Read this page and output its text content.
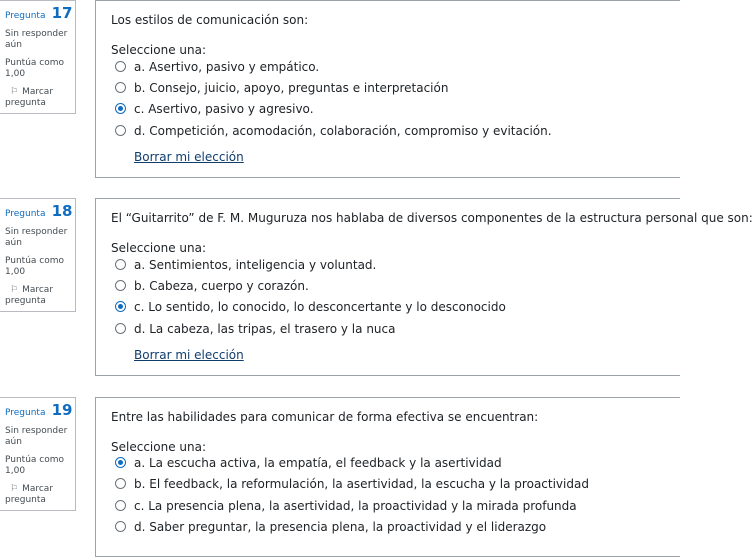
Pregunta 17
Sin responder aún
Puntúa como 1,00
⚐ Marcar pregunta
Los estilos de comunicación son:
Seleccione una:
a. Asertivo, pasivo y empático.
b. Consejo, juicio, apoyo, preguntas e interpretación
c. Asertivo, pasivo y agresivo.
d. Competición, acomodación, colaboración, compromiso y evitación.
Borrar mi elección
Pregunta 18
Sin responder aún
Puntúa como 1,00
⚐ Marcar pregunta
El “Guitarrito” de F. M. Muguruza nos hablaba de diversos componentes de la estructura personal que son:
Seleccione una:
a. Sentimientos, inteligencia y voluntad.
b. Cabeza, cuerpo y corazón.
c. Lo sentido, lo conocido, lo desconcertante y lo desconocido
d. La cabeza, las tripas, el trasero y la nuca
Borrar mi elección
Pregunta 19
Sin responder aún
Puntúa como 1,00
⚐ Marcar pregunta
Entre las habilidades para comunicar de forma efectiva se encuentran:
Seleccione una:
a. La escucha activa, la empatía, el feedback y la asertividad
b. El feedback, la reformulación, la asertividad, la escucha y la proactividad
c. La presencia plena, la asertividad, la proactividad y la mirada profunda
d. Saber preguntar, la presencia plena, la proactividad y el liderazgo
